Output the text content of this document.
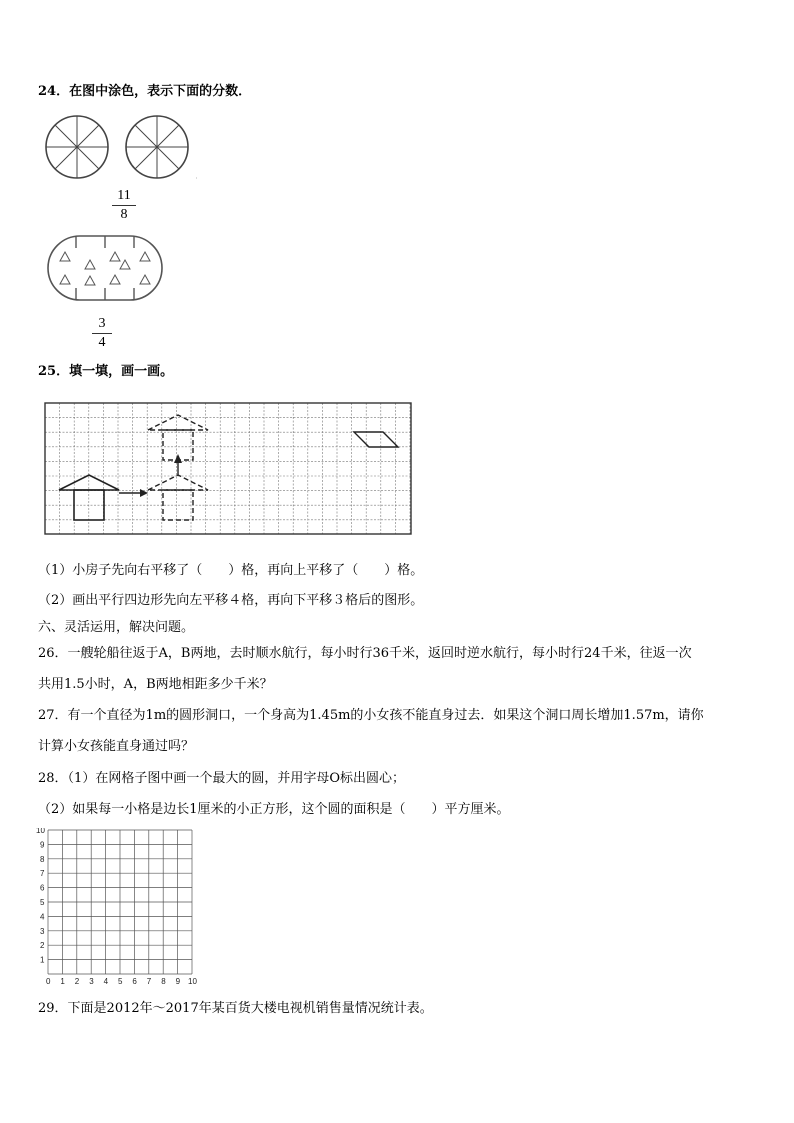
24．在图中涂色，表示下面的分数．
11
8
3
4
25．填一填，画一画。
（1）小房子先向右平移了（　　）格，再向上平移了（　　）格。
（2）画出平行四边形先向左平移４格，再向下平移３格后的图形。
六、灵活运用，解决问题。
26．一艘轮船往返于A，B两地，去时顺水航行，每小时行36千米，返回时逆水航行，每小时行24千米，往返一次
共用1.5小时，A，B两地相距多少千米？
27．有一个直径为1m的圆形洞口，一个身高为1.45m的小女孩不能直身过去．如果这个洞口周长增加1.57m，请你
计算小女孩能直身通过吗？
28．（1）在网格子图中画一个最大的圆，并用字母O标出圆心；
（2）如果每一小格是边长1厘米的小正方形，这个圆的面积是（　　）平方厘米。
0 1
1
2
2
3
3
4
4
5
5
6
6
7
7
8
8
9
9
10
10
29．下面是2012年～2017年某百货大楼电视机销售量情况统计表。
